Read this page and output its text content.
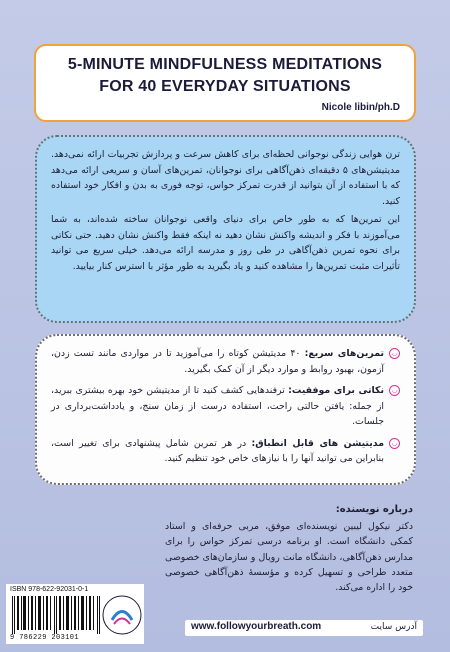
5-MINUTE MINDFULNESS MEDITATIONS
FOR 40 EVERYDAY SITUATIONS
Nicole libin/ph.D

ترن هوایی زندگی نوجوانی لحظه‌ای برای کاهش سرعت و پردازش تجربیات ارائه نمی‌دهد. مدیتیشن‌های ۵ دقیقه‌ای ذهن‌آگاهی برای نوجوانان، تمرین‌های آسان و سریعی ارائه می‌دهد که با استفاده از آن بتوانید از قدرت تمرکز حواس، توجه فوری به بدن و افکار خود استفاده کنید.

این تمرین‌ها که به طور خاص برای دنیای واقعی نوجوانان ساخته شده‌اند، به شما می‌آموزند با فکر و اندیشه واکنش نشان دهید نه اینکه فقط واکنش نشان دهید. حتی نکاتی برای نحوه تمرین ذهن‌آگاهی در طی روز و مدرسه ارائه می‌دهد. خیلی سریع می توانید تأثیرات مثبت تمرین‌ها را مشاهده کنید و یاد بگیرید به طور مؤثر با استرس کنار بیایید.

◡
تمرین‌های سریع: ۴۰ مدیتیشن کوتاه را می‌آموزید تا در مواردی مانند تست زدن، آزمون، بهبود روابط و موارد دیگر از آن کمک بگیرید.
◡
نکاتی برای موفقیت: ترفندهایی کشف کنید تا از مدیتیشن خود بهره بیشتری ببرید، از جمله: یافتن حالتی راحت، استفاده درست از زمان سنج، و یادداشت‌برداری در جلسات.
◡
مدیتیشن های قابل انطباق: در هر تمرین شامل پیشنهادی برای تغییر است، بنابراین می توانید آنها را با نیازهای خاص خود تنظیم کنید.
درباره نویسنده:
دکتر نیکول لیبین نویسنده‌ای موفق، مربی حرفه‌ای و استاد کمکی دانشگاه است. او برنامه درسی تمرکز حواس را برای مدارس ذهن‌آگاهی، دانشگاه مانت رویال و سازمان‌های خصوصی متعدد طراحی و تسهیل کرده و مؤسسهٔ ذهن‌آگاهی خصوصی خود را اداره می‌کند.
ISBN 978-622-92031-0-1
9 786229 203101
www.followyourbreath.com	آدرس سایت
